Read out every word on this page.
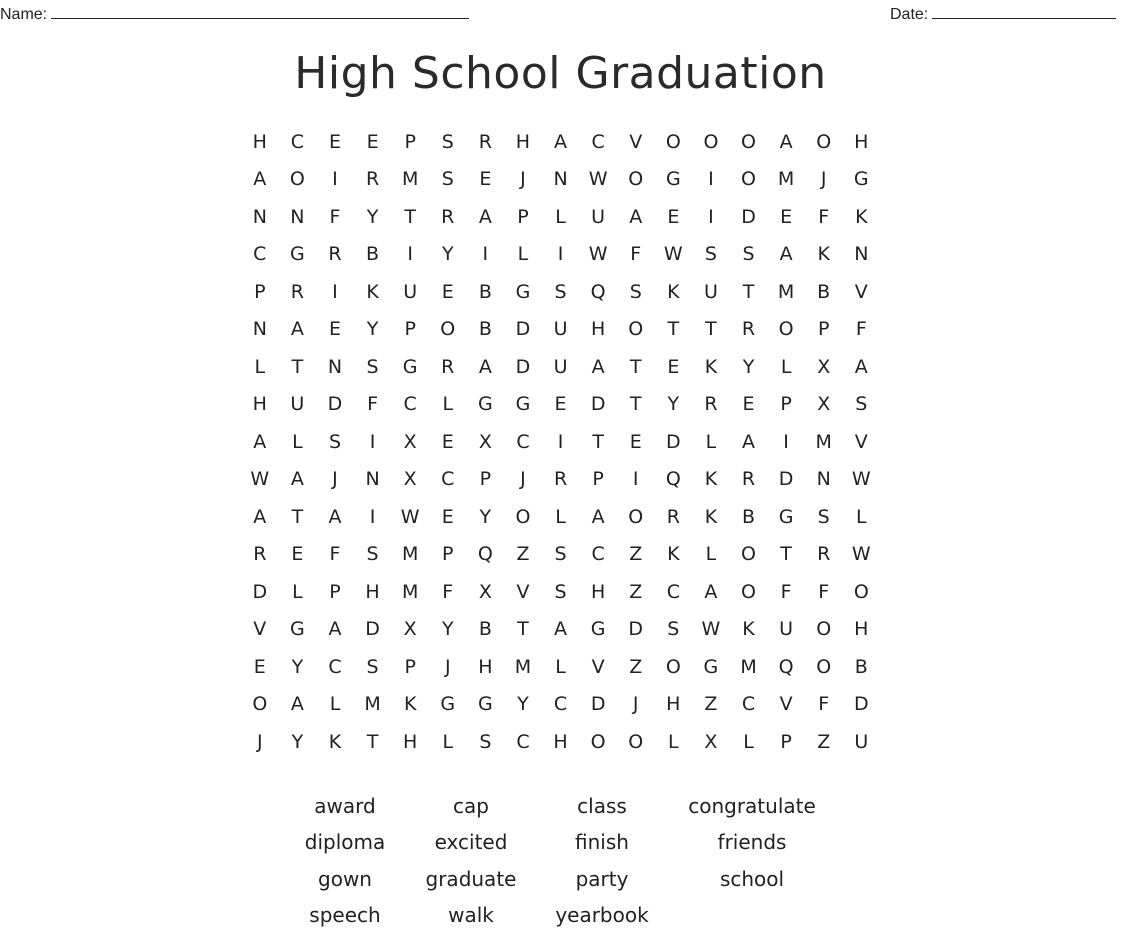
Name:	Date:
High School Graduation
H	C	E	E	P	S	R	H	A	C	V	O	O	O	A	O	H
A	O	I	R	M	S	E	J	N	W	O	G	I	O	M	J	G
N	N	F	Y	T	R	A	P	L	U	A	E	I	D	E	F	K
C	G	R	B	I	Y	I	L	I	W	F	W	S	S	A	K	N
P	R	I	K	U	E	B	G	S	Q	S	K	U	T	M	B	V
N	A	E	Y	P	O	B	D	U	H	O	T	T	R	O	P	F
L	T	N	S	G	R	A	D	U	A	T	E	K	Y	L	X	A
H	U	D	F	C	L	G	G	E	D	T	Y	R	E	P	X	S
A	L	S	I	X	E	X	C	I	T	E	D	L	A	I	M	V
W	A	J	N	X	C	P	J	R	P	I	Q	K	R	D	N	W
A	T	A	I	W	E	Y	O	L	A	O	R	K	B	G	S	L
R	E	F	S	M	P	Q	Z	S	C	Z	K	L	O	T	R	W
D	L	P	H	M	F	X	V	S	H	Z	C	A	O	F	F	O
V	G	A	D	X	Y	B	T	A	G	D	S	W	K	U	O	H
E	Y	C	S	P	J	H	M	L	V	Z	O	G	M	Q	O	B
O	A	L	M	K	G	G	Y	C	D	J	H	Z	C	V	F	D
J	Y	K	T	H	L	S	C	H	O	O	L	X	L	P	Z	U
award	cap	class	congratulate
diploma	excited	finish	friends
gown	graduate	party	school
speech	walk	yearbook
